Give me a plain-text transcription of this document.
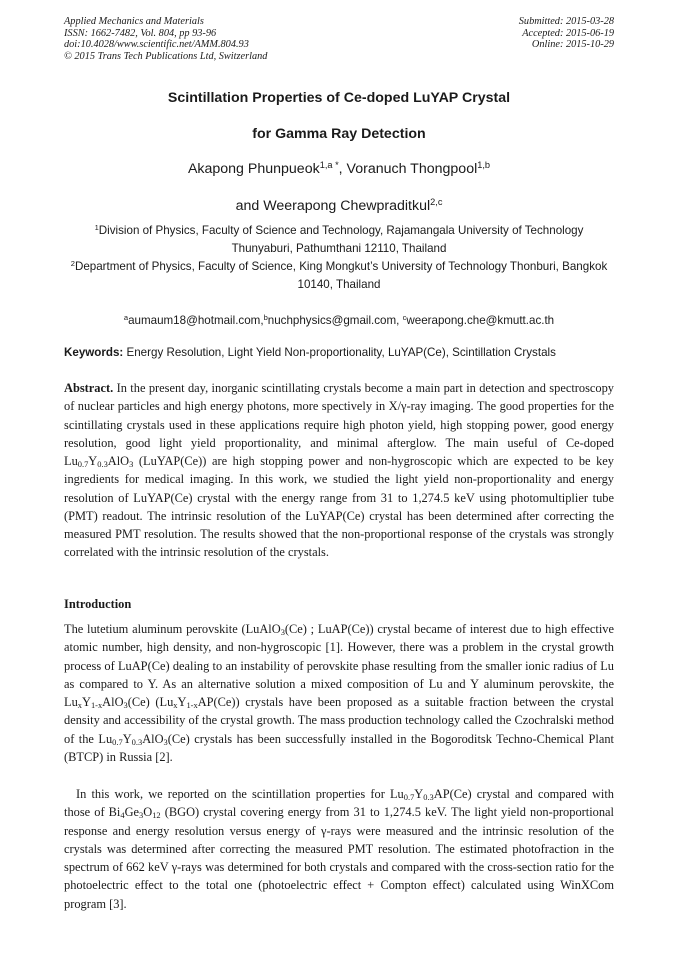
Applied Mechanics and Materials
ISSN: 1662-7482, Vol. 804, pp 93-96
doi:10.4028/www.scientific.net/AMM.804.93
© 2015 Trans Tech Publications Ltd, Switzerland
Submitted: 2015-03-28
Accepted: 2015-06-19
Online: 2015-10-29
Scintillation Properties of Ce-doped LuYAP Crystal
for Gamma Ray Detection
Akapong Phunpueok$^{1,a *}$, Voranuch Thongpool$^{1,b}$
and Weerapong Chewpraditkul$^{2,c}$
$^1$Division of Physics, Faculty of Science and Technology, Rajamangala University of Technology Thunyaburi, Pathumthani 12110, Thailand
$^2$Department of Physics, Faculty of Science, King Mongkut’s University of Technology Thonburi, Bangkok 10140, Thailand
$^a$aumaum18@hotmail.com,$^b$nuchphysics@gmail.com, $^c$weerapong.che@kmutt.ac.th
Keywords: Energy Resolution, Light Yield Non-proportionality, LuYAP(Ce), Scintillation Crystals
Abstract. In the present day, inorganic scintillating crystals become a main part in detection and spectroscopy of nuclear particles and high energy photons, more spectively in X/γ-ray imaging. The good properties for the scintillating crystals used in these applications require high photon yield, high stopping power, good energy resolution, good light yield proportionality, and minimal afterglow. The main useful of Ce-doped $Lu_{0.7}Y_{0.3}AlO_3$ (LuYAP(Ce)) are high stopping power and non-hygroscopic which are expected to be key ingredients for medical imaging. In this work, we studied the light yield non-proportionality and energy resolution of LuYAP(Ce) crystal with the energy range from 31 to 1,274.5 keV using photomultiplier tube (PMT) readout. The intrinsic resolution of the LuYAP(Ce) crystal has been determined after correcting the measured PMT resolution. The results showed that the non-proportional response of the crystals was strongly correlated with the intrinsic resolution of the crystals.
Introduction
The lutetium aluminum perovskite (LuAlO$_3$(Ce) ; LuAP(Ce)) crystal became of interest due to high effective atomic number, high density, and non-hygroscopic [1]. However, there was a problem in the crystal growth process of LuAP(Ce) dealing to an instability of perovskite phase resulting from the smaller ionic radius of Lu as compared to Y. As an alternative solution a mixed composition of Lu and Y aluminum perovskite, the $Lu_xY_{1-x}AlO_3(Ce)$ $(Lu_xY_{1-x}AP(Ce))$ crystals have been proposed as a suitable fraction between the crystal density and accessibility of the crystal growth. The mass production technology called the Czochralski method of the $Lu_{0.7}Y_{0.3}AlO_3(Ce)$ crystals has been successfully installed in the Bogoroditsk Techno-Chemical Plant (BTCP) in Russia [2].
In this work, we reported on the scintillation properties for $Lu_{0.7}Y_{0.3}AP(Ce)$ crystal and compared with those of $Bi_4Ge_3O_{12}$ (BGO) crystal covering energy from 31 to 1,274.5 keV. The light yield non-proportional response and energy resolution versus energy of γ-rays were measured and the intrinsic resolution of the crystals was determined after correcting the measured PMT resolution. The estimated photofraction in the spectrum of 662 keV γ-rays was determined for both crystals and compared with the cross-section ratio for the photoelectric effect to the total one (photoelectric effect + Compton effect) calculated using WinXCom program [3].
